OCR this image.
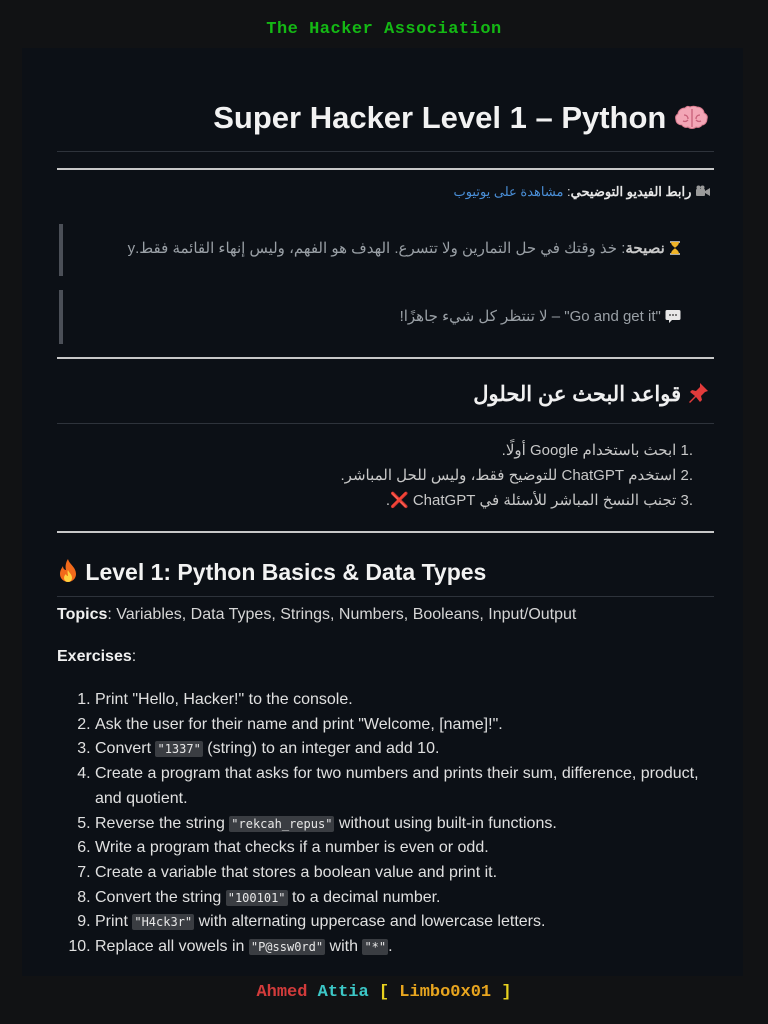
The Hacker Association
Super Hacker Level 1 – Python
رابط الفيديو التوضيحي: مشاهدة على يوتيوب
نصيحة: خذ وقتك في حل التمارين ولا تتسرع. الهدف هو الفهم، وليس إنهاء القائمة فقط.y
"Go and get it" – لا تنتظر كل شيء جاهزًا!
قواعد البحث عن الحلول
.1 ابحث باستخدام Google أولًا.
.2 استخدم ChatGPT للتوضيح فقط، وليس للحل المباشر.
.3 تجنب النسخ المباشر للأسئلة في ChatGPT ❌.
Level 1: Python Basics & Data Types
Topics: Variables, Data Types, Strings, Numbers, Booleans, Input/Output
Exercises:
1. Print "Hello, Hacker!" to the console.
2. Ask the user for their name and print "Welcome, [name]!".
3. Convert "1337" (string) to an integer and add 10.
4. Create a program that asks for two numbers and prints their sum, difference, product, and quotient.
5. Reverse the string "rekcah_repus" without using built-in functions.
6. Write a program that checks if a number is even or odd.
7. Create a variable that stores a boolean value and print it.
8. Convert the string "100101" to a decimal number.
9. Print "H4ck3r" with alternating uppercase and lowercase letters.
10. Replace all vowels in "P@ssw0rd" with "*" .
Ahmed Attia [ Limbo0x01 ]
